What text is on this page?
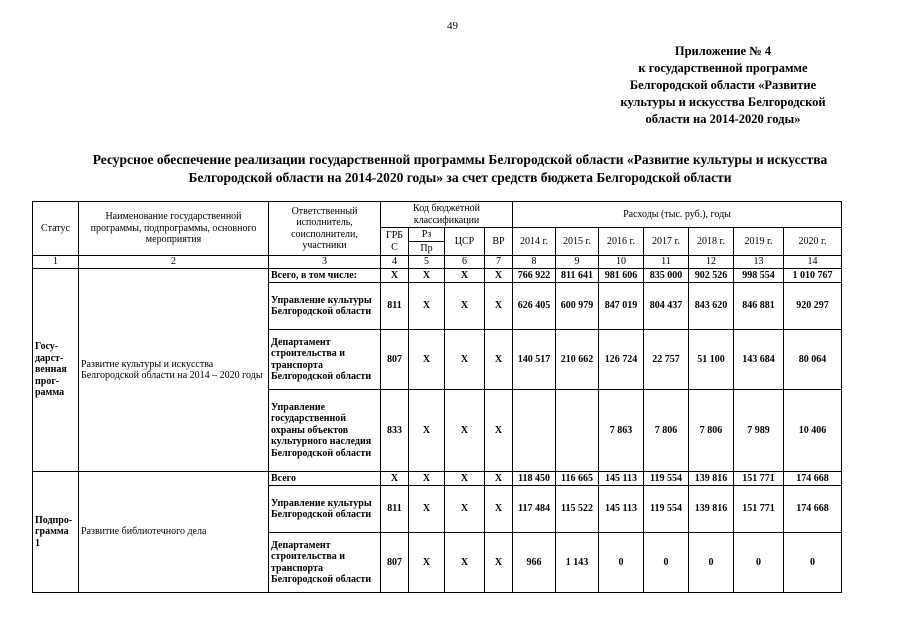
49
Приложение № 4
к государственной программе
Белгородской области «Развитие
культуры и искусства Белгородской
области на 2014-2020 годы»
Ресурсное обеспечение реализации государственной программы Белгородской области «Развитие культуры и искусства
Белгородской области на 2014-2020 годы» за счет средств бюджета Белгородской области
Статус	Наименование государственной программы, подпрограммы, основного мероприятия	Ответственный исполнитель, соисполнители, участники	Код бюджетной классификации				Расходы (тыс. руб.), годы						
			ГРБ С	Рз	ЦСР	ВР	2014 г.	2015 г.	2016 г.	2017 г.	2018 г.	2019 г.	2020 г.
				Пр									
1	2	3	4	5	6	7	8	9	10	11	12	13	14
Госу-дарст-венная прог-рамма	Развитие культуры и искусства Белгородской области на 2014 – 2020 годы	Всего, в том числе:	X	X	X	X	766 922	811 641	981 606	835 000	902 526	998 554	1 010 767
		Управление культуры Белгородской области	811	X	X	X	626 405	600 979	847 019	804 437	843 620	846 881	920 297
		Департамент строительства и транспорта Белгородской области	807	X	X	X	140 517	210 662	126 724	22 757	51 100	143 684	80 064
		Управление государственной охраны объектов культурного наследия Белгородской области	833	X	X	X			7 863	7 806	7 806	7 989	10 406
Подпро-грамма 1	Развитие библиотечного дела	Всего	X	X	X	X	118 450	116 665	145 113	119 554	139 816	151 771	174 668
		Управление культуры Белгородской области	811	X	X	X	117 484	115 522	145 113	119 554	139 816	151 771	174 668
		Департамент строительства и транспорта Белгородской области	807	X	X	X	966	1 143	0	0	0	0	0
